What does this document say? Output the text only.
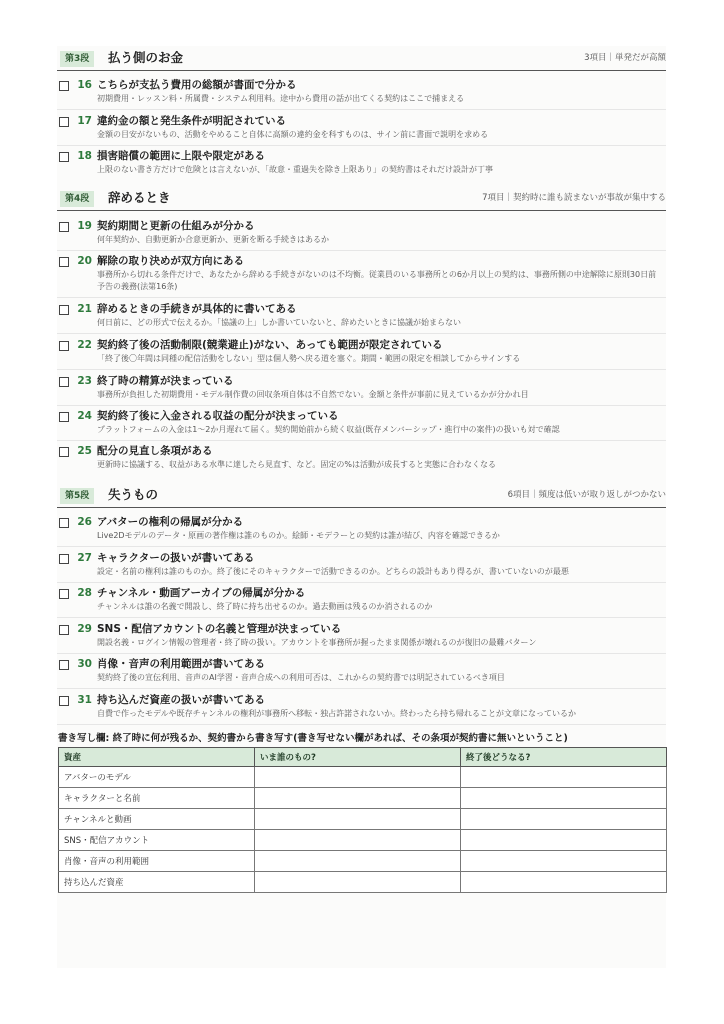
第3段	払う側のお金	3項目｜単発だが高額
16 こちらが支払う費用の総額が書面で分かる
初期費用・レッスン料・所属費・システム利用料。途中から費用の話が出てくる契約はここで捕まえる
17 違約金の額と発生条件が明記されている
金額の目安がないもの、活動をやめること自体に高額の違約金を科すものは、サイン前に書面で説明を求める
18 損害賠償の範囲に上限や限定がある
上限のない書き方だけで危険とは言えないが、「故意・重過失を除き上限あり」の契約書はそれだけ設計が丁寧
第4段	辞めるとき	7項目｜契約時に誰も読まないが事故が集中する
19 契約期間と更新の仕組みが分かる
何年契約か、自動更新か合意更新か、更新を断る手続きはあるか
20 解除の取り決めが双方向にある
事務所から切れる条件だけで、あなたから辞める手続きがないのは不均衡。従業員のいる事務所との6か月以上の契約は、事務所側の中途解除に原則30日前予告の義務(法第16条)
21 辞めるときの手続きが具体的に書いてある
何日前に、どの形式で伝えるか。「協議の上」しか書いていないと、辞めたいときに協議が始まらない
22 契約終了後の活動制限(競業避止)がない、あっても範囲が限定されている
「終了後〇年間は同種の配信活動をしない」型は個人勢へ戻る道を塞ぐ。期間・範囲の限定を相談してからサインする
23 終了時の精算が決まっている
事務所が負担した初期費用・モデル制作費の回収条項自体は不自然でない。金額と条件が事前に見えているかが分かれ目
24 契約終了後に入金される収益の配分が決まっている
プラットフォームの入金は1〜2か月遅れて届く。契約開始前から続く収益(既存メンバーシップ・進行中の案件)の扱いも対で確認
25 配分の見直し条項がある
更新時に協議する、収益がある水準に達したら見直す、など。固定の%は活動が成長すると実態に合わなくなる
第5段	失うもの	6項目｜頻度は低いが取り返しがつかない
26 アバターの権利の帰属が分かる
Live2Dモデルのデータ・原画の著作権は誰のものか。絵師・モデラーとの契約は誰が結び、内容を確認できるか
27 キャラクターの扱いが書いてある
設定・名前の権利は誰のものか。終了後にそのキャラクターで活動できるのか。どちらの設計もあり得るが、書いていないのが最悪
28 チャンネル・動画アーカイブの帰属が分かる
チャンネルは誰の名義で開設し、終了時に持ち出せるのか。過去動画は残るのか消されるのか
29 SNS・配信アカウントの名義と管理が決まっている
開設名義・ログイン情報の管理者・終了時の扱い。アカウントを事務所が握ったまま関係が壊れるのが復旧の最難パターン
30 肖像・音声の利用範囲が書いてある
契約終了後の宣伝利用、音声のAI学習・音声合成への利用可否は、これからの契約書では明記されているべき項目
31 持ち込んだ資産の扱いが書いてある
自費で作ったモデルや既存チャンネルの権利が事務所へ移転・独占許諾されないか。終わったら持ち帰れることが文章になっているか
書き写し欄: 終了時に何が残るか、契約書から書き写す(書き写せない欄があれば、その条項が契約書に無いということ)
資産	いま誰のもの?	終了後どうなる?
アバターのモデル		
キャラクターと名前		
チャンネルと動画		
SNS・配信アカウント		
肖像・音声の利用範囲		
持ち込んだ資産		
